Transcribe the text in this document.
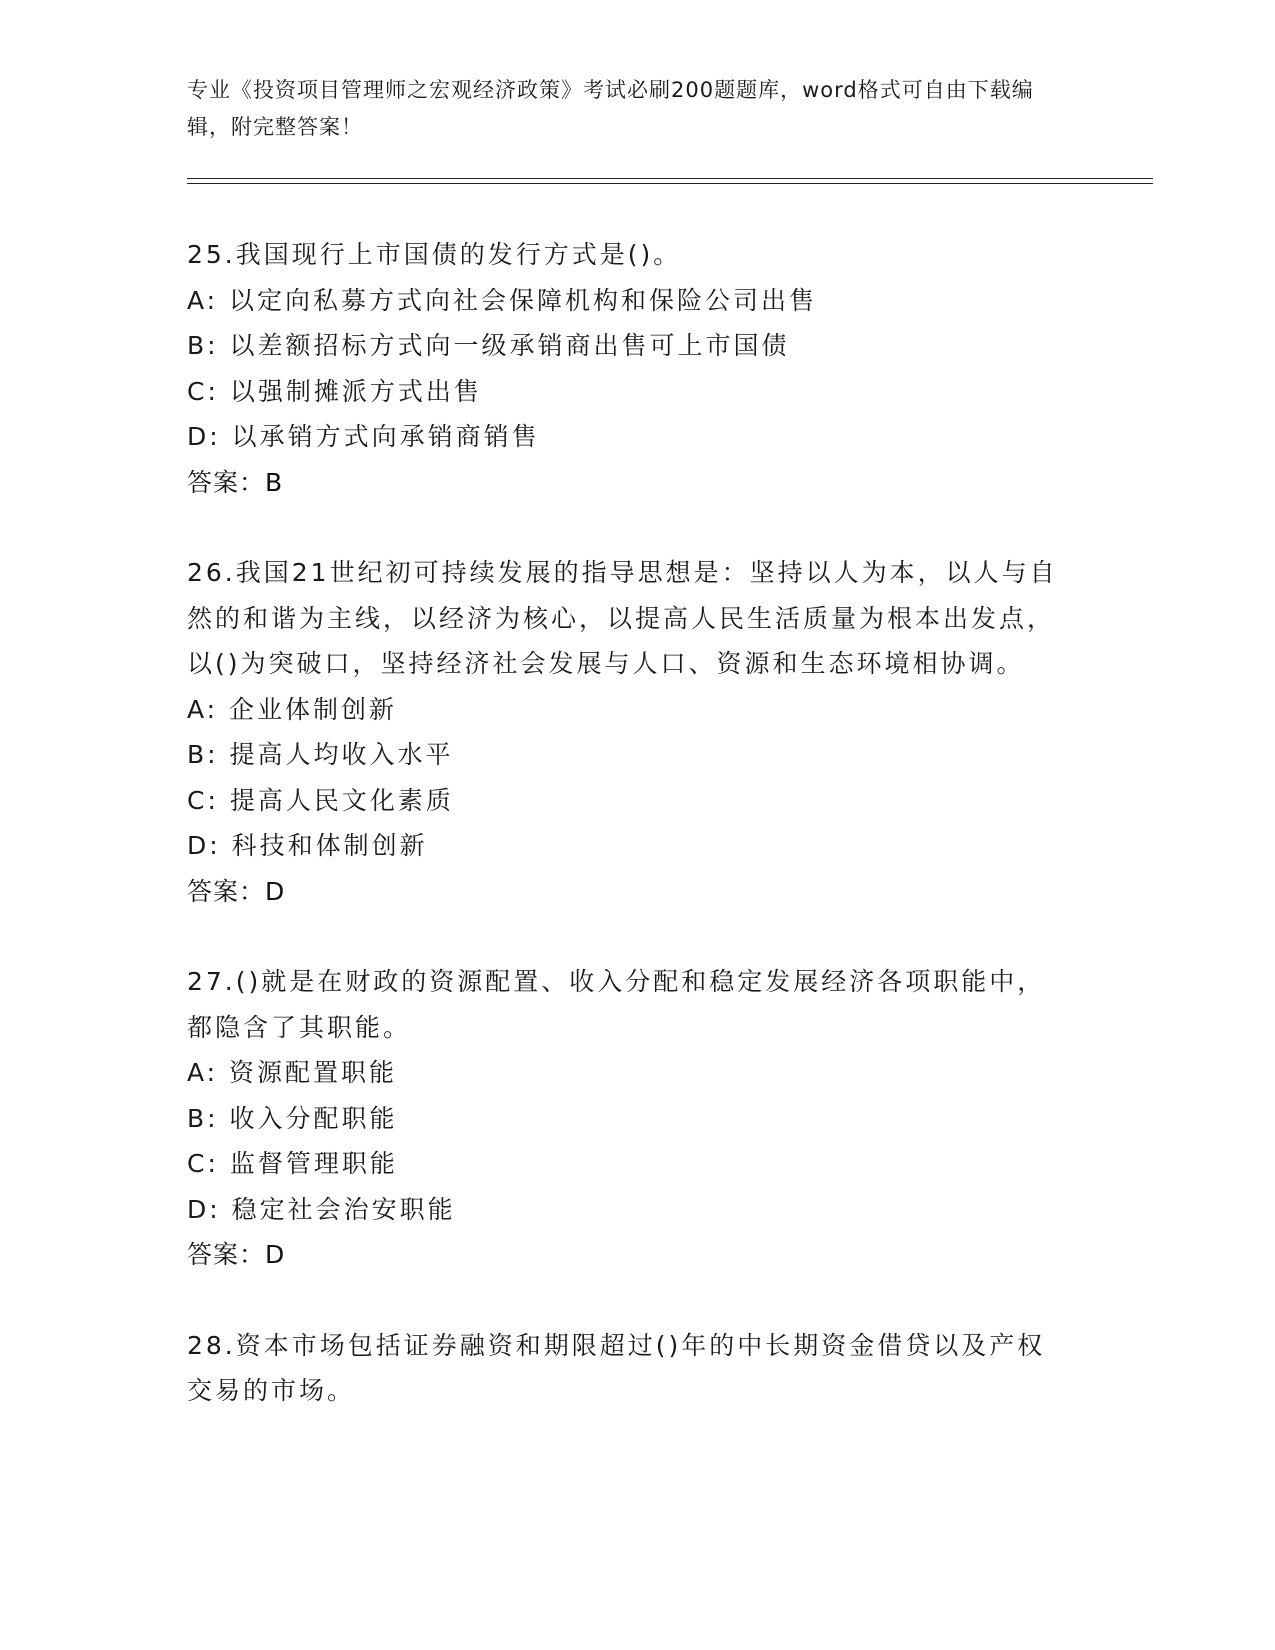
专业《投资项目管理师之宏观经济政策》考试必刷200题题库，word格式可自由下载编辑，附完整答案！

25.我国现行上市国债的发行方式是()。

A: 以定向私募方式向社会保障机构和保险公司出售

B: 以差额招标方式向一级承销商出售可上市国债

C: 以强制摊派方式出售

D: 以承销方式向承销商销售

答案：B

26.我国21世纪初可持续发展的指导思想是：坚持以人为本，以人与自然的和谐为主线，以经济为核心，以提高人民生活质量为根本出发点，以()为突破口，坚持经济社会发展与人口、资源和生态环境相协调。

A: 企业体制创新

B: 提高人均收入水平

C: 提高人民文化素质

D: 科技和体制创新

答案：D

27.()就是在财政的资源配置、收入分配和稳定发展经济各项职能中，都隐含了其职能。

A: 资源配置职能

B: 收入分配职能

C: 监督管理职能

D: 稳定社会治安职能

答案：D

28.资本市场包括证券融资和期限超过()年的中长期资金借贷以及产权交易的市场。
